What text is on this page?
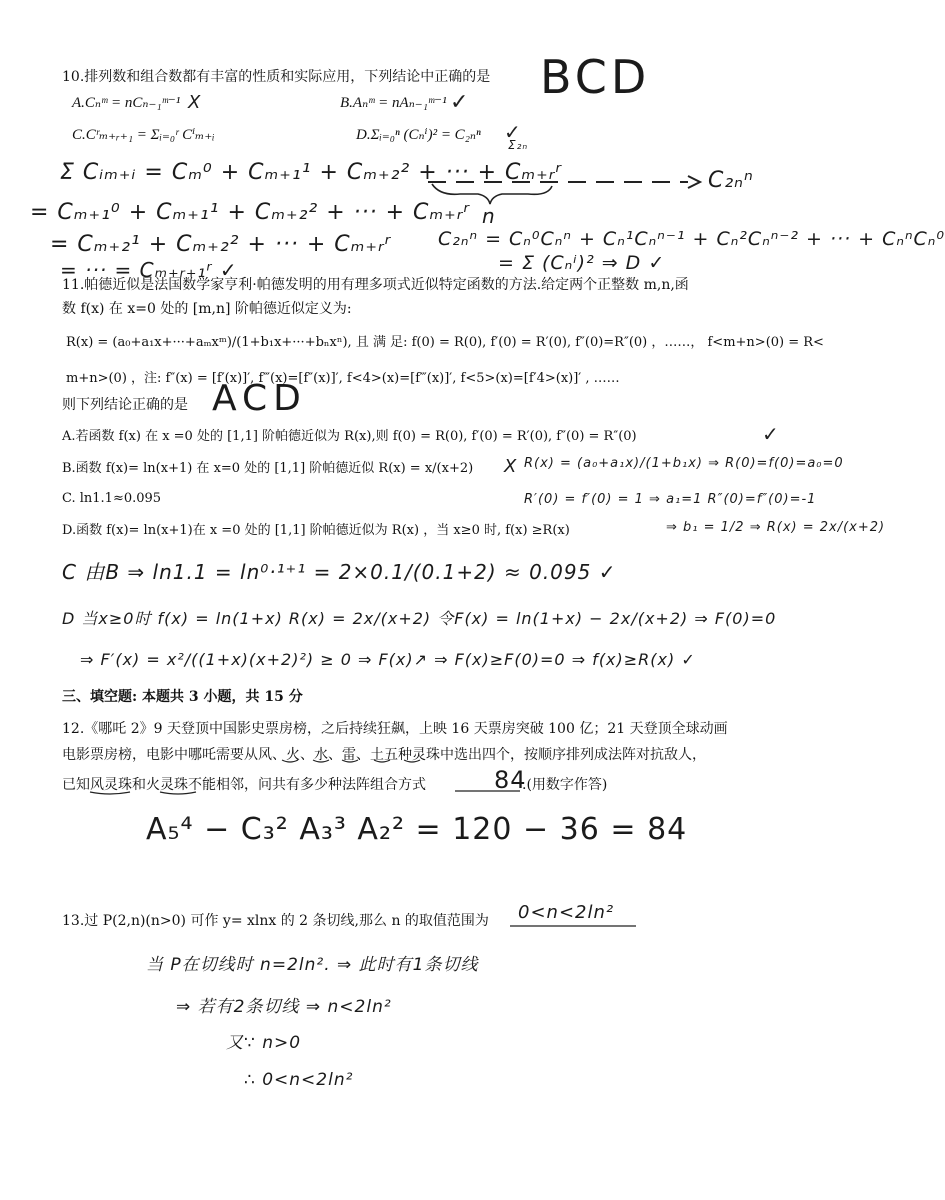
10.排列数和组合数都有丰富的性质和实际应用，下列结论中正确的是 BCD
A.Cₙᵐ = nCₙ₋₁ᵐ⁻¹ X	B.Aₙᵐ = nAₙ₋₁ᵐ⁻¹ ✓
C.Cʳₘ₊ᵣ₊₁ = Σᵢ₌₀ʳ Cⁱₘ₊ᵢ	D.Σᵢ₌₀ⁿ (Cₙⁱ)² = C₂ₙⁿ ✓
Σ Cᵢₘ₊ᵢ = Cₘ⁰ + Cₘ₊₁¹ + Cₘ₊₂² + ··· + Cₘ₊ᵣʳ
= Cₘ₊₁⁰ + Cₘ₊₁¹ + Cₘ₊₂² + ··· + Cₘ₊ᵣʳ
= Cₘ₊₂¹ + Cₘ₊₂² + ··· + Cₘ₊ᵣʳ
= ··· = Cₘ₊ᵣ₊₁ʳ ✓
Σ₂ₙ
C₂ₙⁿ
n
C₂ₙⁿ = Cₙ⁰Cₙⁿ + Cₙ¹Cₙⁿ⁻¹ + Cₙ²Cₙⁿ⁻² + ··· + CₙⁿCₙ⁰
= Σ (Cₙⁱ)² ⇒ D ✓
11.帕德近似是法国数学家亨利·帕德发明的用有理多项式近似特定函数的方法.给定两个正整数 m,n,函
数 f(x) 在 x=0 处的 [m,n] 阶帕德近似定义为:
R(x) = (a₀+a₁x+···+aₘxᵐ)/(1+b₁x+···+bₙxⁿ), 且 满 足: f(0) = R(0), f′(0) = R′(0), f″(0)=R″(0) ，……， f<m+n>(0) = R<
m+n>(0) ，注: f″(x) = [f′(x)]′, f‴(x)=[f″(x)]′, f<4>(x)=[f‴(x)]′, f<5>(x)=[f′4>(x)]′ , ……
则下列结论正确的是 ACD
A.若函数 f(x) 在 x =0 处的 [1,1] 阶帕德近似为 R(x),则 f(0) = R(0), f′(0) = R′(0), f″(0) = R″(0)	✓
B.函数 f(x)= ln(x+1) 在 x=0 处的 [1,1] 阶帕德近似 R(x) = x/(x+2) X R(x) = (a₀+a₁x)/(1+b₁x) ⇒ R(0)=f(0)=a₀=0
R′(0) = f′(0) = 1 ⇒ a₁=1 R″(0)=f″(0)=-1
⇒ b₁ = 1/2 ⇒ R(x) = 2x/(x+2)
C. ln1.1≈0.095
D.函数 f(x)= ln(x+1)在 x =0 处的 [1,1] 阶帕德近似为 R(x) ，当 x≥0 时, f(x) ≥R(x)
C 由B ⇒ ln1.1 = ln⁰·¹⁺¹ = 2×0.1/(0.1+2) ≈ 0.095 ✓
D 当x≥0时 f(x) = ln(1+x) R(x) = 2x/(x+2) 令F(x) = ln(1+x) − 2x/(x+2) ⇒ F(0)=0
⇒ F′(x) = x²/((1+x)(x+2)²) ≥ 0 ⇒ F(x)↗ ⇒ F(x)≥F(0)=0 ⇒ f(x)≥R(x) ✓
三、填空题: 本题共 3 小题，共 15 分
12.《哪吒 2》9 天登顶中国影史票房榜，之后持续狂飙，上映 16 天票房突破 100 亿；21 天登顶全球动画
电影票房榜，电影中哪吒需要从风、火、水、雷、土五种灵珠中选出四个，按顺序排列成法阵对抗敌人，
已知风灵珠和火灵珠不能相邻，问共有多少种法阵组合方式	84
.(用数字作答)
A₅⁴ − C₃² A₃³ A₂² = 120 − 36 = 84
13.过 P(2,n)(n>0) 可作 y= xlnx 的 2 条切线,那么 n 的取值范围为 0<n<2ln²
当 P在切线时 n=2ln². ⇒ 此时有1条切线
⇒ 若有2条切线 ⇒ n<2ln²
又∵ n>0
∴ 0<n<2ln²
